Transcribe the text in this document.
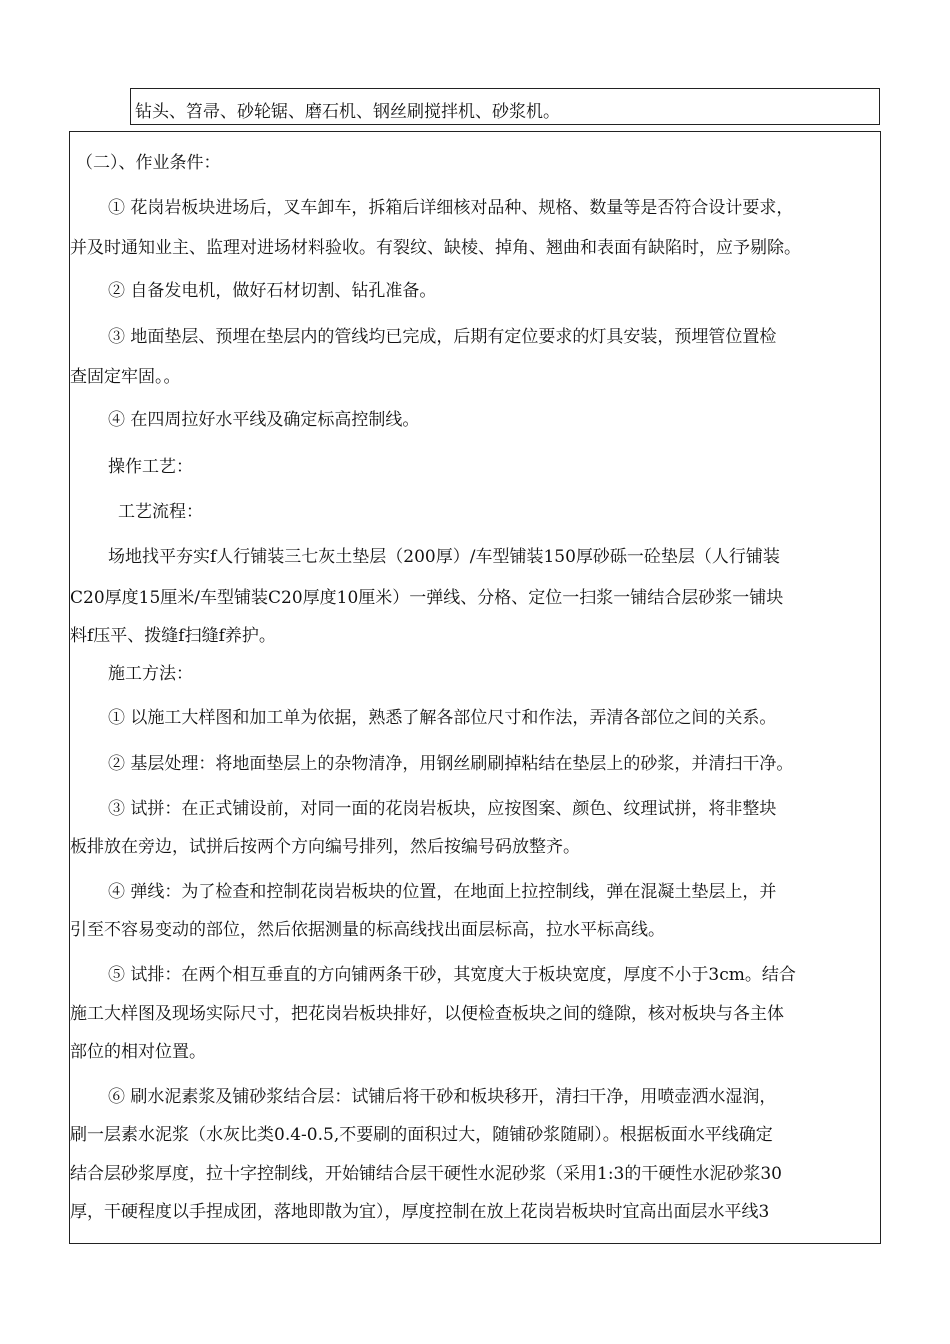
钻头、笤帚、砂轮锯、磨石机、钢丝刷搅拌机、砂浆机。

（二）、作业条件：

① 花岗岩板块进场后，叉车卸车，拆箱后详细核对品种、规格、数量等是否符合设计要求，

并及时通知业主、监理对进场材料验收。有裂纹、缺棱、掉角、翘曲和表面有缺陷时，应予剔除。

② 自备发电机，做好石材切割、钻孔准备。

③ 地面垫层、预埋在垫层内的管线均已完成，后期有定位要求的灯具安装，预埋管位置检

查固定牢固。。

④ 在四周拉好水平线及确定标高控制线。

操作工艺：

工艺流程：

场地找平夯实f人行铺装三七灰土垫层（200厚）/车型铺装150厚砂砾一砼垫层（人行铺装

C20厚度15厘米/车型铺装C20厚度10厘米）一弹线、分格、定位一扫浆一铺结合层砂浆一铺块

料f压平、拨缝f扫缝f养护。

施工方法：

① 以施工大样图和加工单为依据，熟悉了解各部位尺寸和作法，弄清各部位之间的关系。

② 基层处理：将地面垫层上的杂物清净，用钢丝刷刷掉粘结在垫层上的砂浆，并清扫干净。

③ 试拼：在正式铺设前，对同一面的花岗岩板块，应按图案、颜色、纹理试拼，将非整块

板排放在旁边，试拼后按两个方向编号排列，然后按编号码放整齐。

④ 弹线：为了检查和控制花岗岩板块的位置，在地面上拉控制线，弹在混凝土垫层上，并

引至不容易变动的部位，然后依据测量的标高线找出面层标高，拉水平标高线。

⑤ 试排：在两个相互垂直的方向铺两条干砂，其宽度大于板块宽度，厚度不小于3cm。结合

施工大样图及现场实际尺寸，把花岗岩板块排好，以便检查板块之间的缝隙，核对板块与各主体

部位的相对位置。

⑥ 刷水泥素浆及铺砂浆结合层：试铺后将干砂和板块移开，清扫干净，用喷壶洒水湿润，

刷一层素水泥浆（水灰比类0.4-0.5,不要刷的面积过大，随铺砂浆随刷）。根据板面水平线确定

结合层砂浆厚度，拉十字控制线，开始铺结合层干硬性水泥砂浆（采用1:3的干硬性水泥砂浆30

厚，干硬程度以手捏成团，落地即散为宜），厚度控制在放上花岗岩板块时宜高出面层水平线3
